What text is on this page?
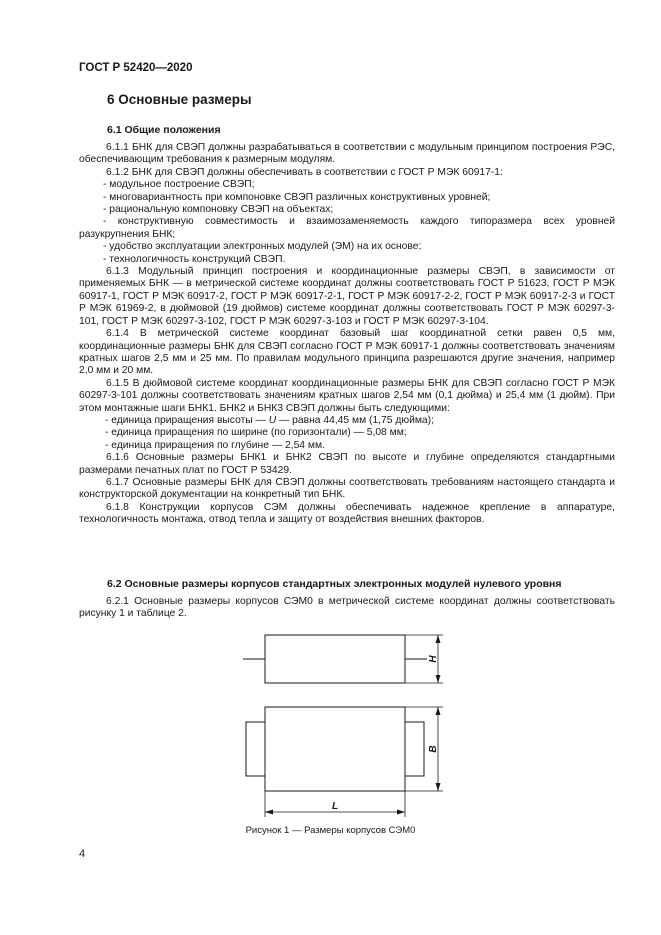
ГОСТ Р 52420—2020
6 Основные размеры
6.1 Общие положения

6.1.1 БНК для СВЭП должны разрабатываться в соответствии с модульным принципом построения РЭС, обеспечивающим требования к размерным модулям.

6.1.2 БНК для СВЭП должны обеспечивать в соответствии с ГОСТ Р МЭК 60917-1:

- модульное построение СВЭП;

- многовариантность при компоновке СВЭП различных конструктивных уровней;

- рациональную компоновку СВЭП на объектах;

- конструктивную совместимость и взаимозаменяемость каждого типоразмера всех уровней разукрупнения БНК;

- удобство эксплуатации электронных модулей (ЭМ) на их основе;

- технологичность конструкций СВЭП.

6.1.3 Модульный принцип построения и координационные размеры СВЭП, в зависимости от применяемых БНК — в метрической системе координат должны соответствовать ГОСТ Р 51623, ГОСТ Р МЭК 60917-1, ГОСТ Р МЭК 60917-2, ГОСТ Р МЭК 60917-2-1, ГОСТ Р МЭК 60917-2-2, ГОСТ Р МЭК 60917-2-3 и ГОСТ Р МЭК 61969-2, в дюймовой (19 дюймов) системе координат должны соответствовать ГОСТ Р МЭК 60297-3-101, ГОСТ Р МЭК 60297-3-102, ГОСТ Р МЭК 60297-3-103 и ГОСТ Р МЭК 60297-3-104.

6.1.4 В метрической системе координат базовый шаг координатной сетки равен 0,5 мм, координационные размеры БНК для СВЭП согласно ГОСТ Р МЭК 60917-1 должны соответствовать значениям кратных шагов 2,5 мм и 25 мм. По правилам модульного принципа разрешаются другие значения, например 2,0 мм и 20 мм.

6.1.5 В дюймовой системе координат координационные размеры БНК для СВЭП согласно ГОСТ Р МЭК 60297-3-101 должны соответствовать значениям кратных шагов 2,54 мм (0,1 дюйма) и 25,4 мм (1 дюйм). При этом монтажные шаги БНК1. БНК2 и БНК3 СВЭП должны быть следующими:

- единица приращения высоты — U — равна 44,45 мм (1,75 дюйма);

- единица приращения по ширине (по горизонтали) — 5,08 мм;

- единица приращения по глубине — 2,54 мм.

6.1.6 Основные размеры БНК1 и БНК2 СВЭП по высоте и глубине определяются стандартными размерами печатных плат по ГОСТ Р 53429.

6.1.7 Основные размеры БНК для СВЭП должны соответствовать требованиям настоящего стандарта и конструкторской документации на конкретный тип БНК.

6.1.8 Конструкции корпусов СЭМ должны обеспечивать надежное крепление в аппаратуре, технологичность монтажа, отвод тепла и защиту от воздействия внешних факторов.

6.2 Основные размеры корпусов стандартных электронных модулей нулевого уровня

6.2.1 Основные размеры корпусов СЭМ0 в метрической системе координат должны соответствовать рисунку 1 и таблице 2.

H
B
L
Рисунок 1 — Размеры корпусов СЭМ0
4
